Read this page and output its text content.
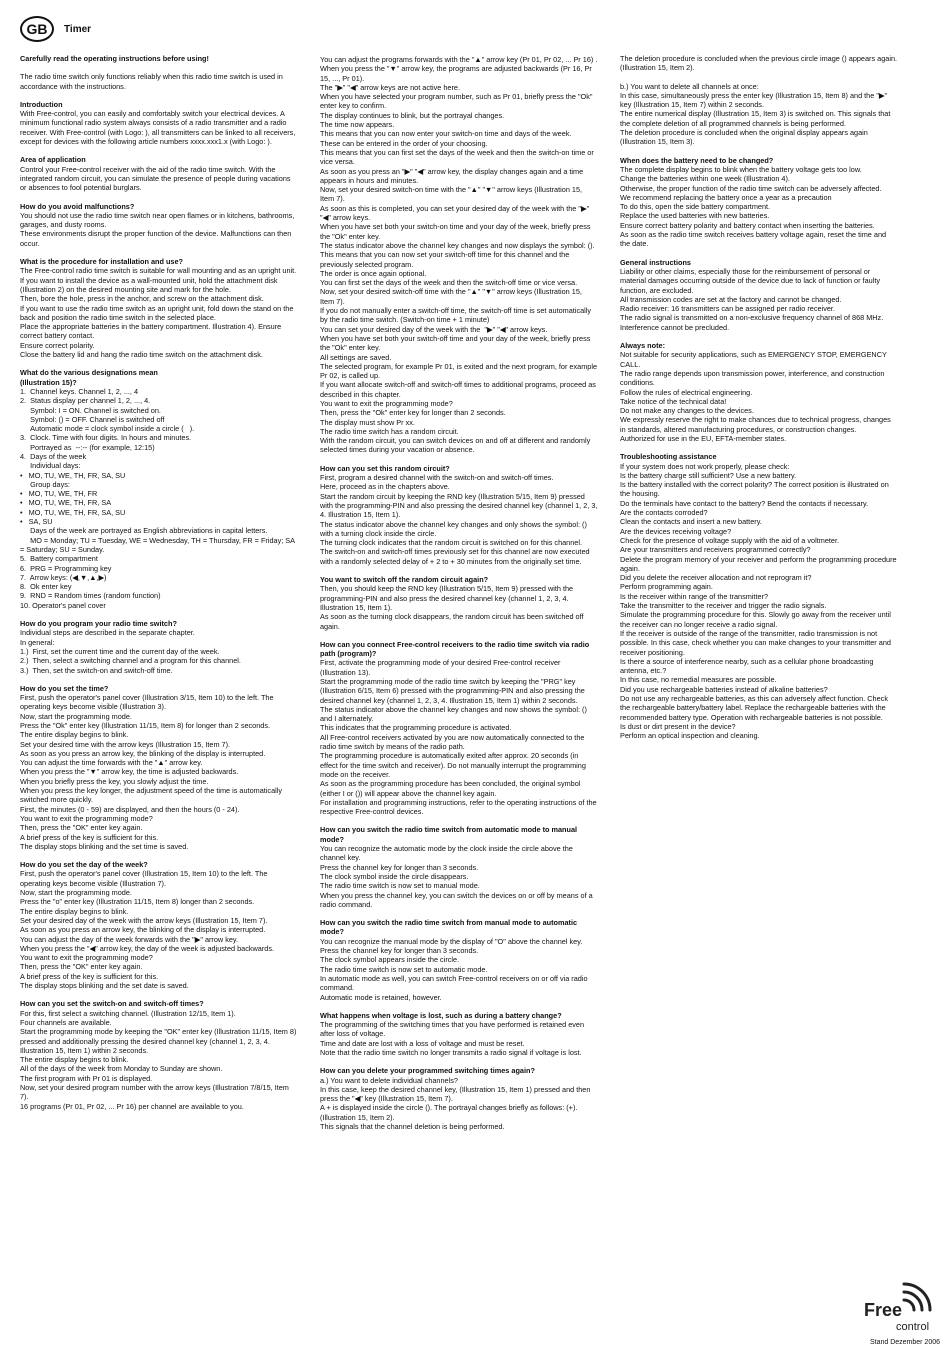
GB	Timer
Carefully read the operating instructions before using!
The radio time switch only functions reliably when this radio time switch is used in accordance with the instructions.
Introduction
With Free-control, you can easily and comfortably switch your electrical devices. A minimum functional radio system always consists of a radio transmitter and a radio receiver. With Free-control (with Logo: ), all transmitters can be linked to all receivers, except for devices with the following article numbers xxxx.xxx1.x (with Logo: ).
Area of application
Control your Free-control receiver with the aid of the radio time switch. With the integrated random circuit, you can simulate the presence of people during vacations or absences to fool potential burglars.
How do you avoid malfunctions?
You should not use the radio time switch near open flames or in kitchens, bathrooms, garages, and dusty rooms.
These environments disrupt the proper function of the device. Malfunctions can then occur.
What is the procedure for installation and use?
The Free-control radio time switch is suitable for wall mounting and as an upright unit.
If you want to install the device as a wall-mounted unit, hold the attachment disk (Illustration 2) on the desired mounting site and mark for the hole.
Then, bore the hole, press in the anchor, and screw on the attachment disk.
If you want to use the radio time switch as an upright unit, fold down the stand on the back and position the radio time switch in the selected place.
Place the appropriate batteries in the battery compartment. Illustration 4). Ensure correct battery contact.
Ensure correct polarity.
Close the battery lid and hang the radio time switch on the attachment disk.
What do the various designations mean
(Illustration 15)?
1.  Channel keys. Channel 1, 2, ..., 4
2.  Status display per channel 1, 2, ..., 4.
Symbol: I = ON. Channel is switched on.
Symbol: () = OFF. Channel is switched off
Automatic mode = clock symbol inside a circle (   ).
3.  Clock. Time with four digits. In hours and minutes.
Portrayed as  --:-- (for example, 12:15)
4.  Days of the week
Individual days:
•   MO, TU, WE, TH, FR, SA, SU
Group days:
•   MO, TU, WE, TH, FR
•   MO, TU, WE, TH, FR, SA
•   MO, TU, WE, TH, FR, SA, SU
•   SA, SU
Days of the week are portrayed as English abbreviations in capital letters.
MO = Monday; TU = Tuesday, WE = Wednesday, TH = Thursday, FR = Friday; SA = Saturday; SU = Sunday.
5.  Battery compartment
6.  PRG = Programming key
7.  Arrow keys: (◀,▼,▲,▶)
8.  Ok enter key
9.  RND = Random times (random function)
10. Operator's panel cover
How do you program your radio time switch?
Individual steps are described in the separate chapter.
In general:
1.)  First, set the current time and the current day of the week.
2.)  Then, select a switching channel and a program for this channel.
3.)  Then, set the switch-on and switch-off time.
How do you set the time?
First, push the operator's panel cover (Illustration 3/15, Item 10) to the left. The operating keys become visible (Illustration 3).
Now, start the programming mode.
Press the "Ok" enter key (Illustration 11/15, Item 8) for longer than 2 seconds.
The entire display begins to blink.
Set your desired time with the arrow keys (Illustration 15, Item 7).
As soon as you press an arrow key, the blinking of the display is interrupted.
You can adjust the time forwards with the "▲" arrow key.
When you press the "▼" arrow key, the time is adjusted backwards.
When you briefly press the key, you slowly adjust the time.
When you press the key longer, the adjustment speed of the time is automatically switched more quickly.
First, the minutes (0 - 59) are displayed, and then the hours (0 - 24).
You want to exit the programming mode?
Then, press the "OK" enter key again.
A brief press of the key is sufficient for this.
The display stops blinking and the set time is saved.
How do you set the day of the week?
First, push the operator's panel cover (Illustration 15, Item 10) to the left. The operating keys become visible (Illustration 7).
Now, start the programming mode.
Press the "o" enter key (Illustration 11/15, Item 8) longer than 2 seconds.
The entire display begins to blink.
Set your desired day of the week with the arrow keys (Illustration 15, Item 7).
As soon as you press an arrow key, the blinking of the display is interrupted.
You can adjust the day of the week forwards with the "▶" arrow key.
When you press the "◀" arrow key, the day of the week is adjusted backwards.
You want to exit the programming mode?
Then, press the "OK" enter key again.
A brief press of the key is sufficient for this.
The display stops blinking and the set date is saved.
How can you set the switch-on and switch-off times?
For this, first select a switching channel. (Illustration 12/15, Item 1).
Four channels are available.
Start the programming mode by keeping the "OK" enter key (Illustration 11/15, Item 8) pressed and additionally pressing the desired channel key (channel 1, 2, 3, 4. Illustration 15, Item 1) within 2 seconds.
The entire display begins to blink.
All of the days of the week from Monday to Sunday are shown.
The first program with Pr 01 is displayed.
Now, set your desired program number with the arrow keys (Illustration 7/8/15, Item 7).
16 programs (Pr 01, Pr 02, ... Pr 16) per channel are available to you.
You can adjust the programs forwards with the "▲" arrow key (Pr 01, Pr 02, ... Pr 16) .
When you press the "▼" arrow key, the programs are adjusted backwards (Pr 16, Pr 15, ..., Pr 01).
The "▶" "◀" arrow keys are not active here.
When you have selected your program number, such as Pr 01, briefly press the "Ok" enter key to confirm.
The display continues to blink, but the portrayal changes.
The time now appears.
This means that you can now enter your switch-on time and days of the week.
These can be entered in the order of your choosing.
This means that you can first set the days of the week and then the switch-on time or vice versa.
As soon as you press an "▶" "◀" arrow key, the display changes again and a time appears in hours and minutes.
Now, set your desired switch-on time with the "▲" "▼" arrow keys (Illustration 15, Item 7).
As soon as this is completed, you can set your desired day of the week with the "▶" "◀" arrow keys.
When you have set both your switch-on time and your day of the week, briefly press the "Ok" enter key.
The status indicator above the channel key changes and now displays the symbol: ().
This means that you can now set your switch-off time for this channel and the previously selected program.
The order is once again optional.
You can first set the days of the week and then the switch-off time or vice versa.
Now, set your desired switch-off time with the "▲" "▼" arrow keys (Illustration 15, Item 7).
If you do not manually enter a switch-off time, the switch-off time is set automatically by the radio time switch. (Switch-on time + 1 minute)
You can set your desired day of the week with the  "▶" "◀" arrow keys.
When you have set both your switch-off time and your day of the week, briefly press the "Ok" enter key.
All settings are saved.
The selected program, for example Pr 01, is exited and the next program, for example Pr 02, is called up.
If you want allocate switch-off and switch-off times to additional programs, proceed as described in this chapter.
You want to exit the programming mode?
Then, press the "Ok" enter key for longer than 2 seconds.
The display must show Pr xx.
The radio time switch has a random circuit.
With the random circuit, you can switch devices on and off at different and randomly selected times during your vacation or absence.
How can you set this random circuit?
First, program a desired channel with the switch-on and switch-off times.
Here, proceed as in the chapters above.
Start the random circuit by keeping the RND key (Illustration 5/15, Item 9) pressed with the programming-PIN and also pressing the desired channel key (channel 1, 2, 3, 4. Illustration 15, Item 1).
The status indicator above the channel key changes and only shows the symbol: () with a turning clock inside the circle.
The turning clock indicates that the random circuit is switched on for this channel.
The switch-on and switch-off times previously set for this channel are now executed with a randomly selected delay of + 2 to + 30 minutes from the originally set time.
You want to switch off the random circuit again?
Then, you should keep the RND key (Illustration 5/15, Item 9) pressed with the programming-PIN and also press the desired channel key (channel 1, 2, 3, 4. Illustration 15, Item 1).
As soon as the turning clock disappears, the random circuit has been switched off again.
How can you connect Free-control receivers to the radio time switch via radio path (program)?
First, activate the programming mode of your desired Free-control receiver (Illustration 13).
Start the programming mode of the radio time switch by keeping the "PRG" key (Illustration 6/15, Item 6) pressed with the programming-PIN and also pressing the desired channel key (channel 1, 2, 3, 4. Illustration 15, Item 1) within 2 seconds.
The status indicator above the channel key changes and now shows the symbol: () and I alternately.
This indicates that the programming procedure is activated.
All Free-control receivers activated by you are now automatically connected to the radio time switch by means of the radio path.
The programming procedure is automatically exited after approx. 20 seconds (in effect for the time switch and receiver). Do not manually interrupt the programming mode on the receiver.
As soon as the programming procedure has been concluded, the original symbol (either I or ()) will appear above the channel key again.
For installation and programming instructions, refer to the operating instructions of the respective Free-control devices.
How can you switch the radio time switch from automatic mode to manual mode?
You can recognize the automatic mode by the clock inside the circle above the channel key.
Press the channel key for longer than 3 seconds.
The clock symbol inside the circle disappears.
The radio time switch is now set to manual mode.
When you press the channel key, you can switch the devices on or off by means of a radio command.
How can you switch the radio time switch from manual mode to automatic mode?
You can recognize the manual mode by the display of "O" above the channel key.
Press the channel key for longer than 3 seconds.
The clock symbol appears inside the circle.
The radio time switch is now set to automatic mode.
In automatic mode as well, you can switch Free-control receivers on or off via radio command.
Automatic mode is retained, however.
What happens when voltage is lost, such as during a battery change?
The programming of the switching times that you have performed is retained even after loss of voltage.
Time and date are lost with a loss of voltage and must be reset.
Note that the radio time switch no longer transmits a radio signal if voltage is lost.
How can you delete your programmed switching times again?
a.) You want to delete individual channels?
In this case, keep the desired channel key, (Illustration 15, Item 1) pressed and then press the "◀" key (Illustration 15, Item 7).
A + is displayed inside the circle (). The portrayal changes briefly as follows: (+). (Illustration 15, Item 2).
This signals that the channel deletion is being performed.
The deletion procedure is concluded when the previous circle image () appears again. (Illustration 15, Item 2).
b.) You want to delete all channels at once:
In this case, simultaneously press the enter key (Illustration 15, Item 8) and the "▶" key (Illustration 15, Item 7) within 2 seconds.
The entire numerical display (Illustration 15, Item 3) is switched on. This signals that the complete deletion of all programmed channels is being performed.
The deletion procedure is concluded when the original display appears again (Illustration 15, Item 3).
When does the battery need to be changed?
The complete display begins to blink when the battery voltage gets too low.
Change the batteries within one week (Illustration 4).
Otherwise, the proper function of the radio time switch can be adversely affected.
We recommend replacing the battery once a year as a precaution
To do this, open the side battery compartment.
Replace the used batteries with new batteries.
Ensure correct battery polarity and battery contact when inserting the batteries.
As soon as the radio time switch receives battery voltage again, reset the time and the date.
General instructions
Liability or other claims, especially those for the reimbursement of personal or material damages occurring outside of the device due to lack of function or faulty function, are excluded.
All transmission codes are set at the factory and cannot be changed.
Radio receiver: 16 transmitters can be assigned per radio receiver.
The radio signal is transmitted on a non-exclusive frequency channel of 868 MHz.
Interference cannot be precluded.
Always note:
Not suitable for security applications, such as EMERGENCY STOP, EMERGENCY CALL.
The radio range depends upon transmission power, interference, and construction conditions.
Follow the rules of electrical engineering.
Take notice of the technical data!
Do not make any changes to the devices.
We expressly reserve the right to make chances due to technical progress, changes in standards, altered manufacturing procedures, or construction changes.
Authorized for use in the EU, EFTA-member states.
Troubleshooting assistance
If your system does not work properly, please check:
Is the battery charge still sufficient? Use a new battery.
Is the battery installed with the correct polarity? The correct position is illustrated on the housing.
Do the terminals have contact to the battery? Bend the contacts if necessary.
Are the contacts corroded?
Clean the contacts and insert a new battery.
Are the devices receiving voltage?
Check for the presence of voltage supply with the aid of a voltmeter.
Are your transmitters and receivers programmed correctly?
Delete the program memory of your receiver and perform the programming procedure again.
Did you delete the receiver allocation and not reprogram it?
Perform programming again.
Is the receiver within range of the transmitter?
Take the transmitter to the receiver and trigger the radio signals.
Simulate the programming procedure for this. Slowly go away from the receiver until the receiver can no longer receive a radio signal.
If the receiver is outside of the range of the transmitter, radio transmission is not possible. In this case, check whether you can make changes to your transmitter and receiver positioning.
Is there a source of interference nearby, such as a cellular phone broadcasting antenna, etc.?
In this case, no remedial measures are possible.
Did you use rechargeable batteries instead of alkaline batteries?
Do not use any rechargeable batteries, as this can adversely affect function. Check the rechargeable battery/battery label. Replace the rechargeable batteries with the recommended battery type. Operation with rechargeable batteries is not possible.
Is dust or dirt present in the device?
Perform an optical inspection and cleaning.
Free
control
Stand Dezember 2006
